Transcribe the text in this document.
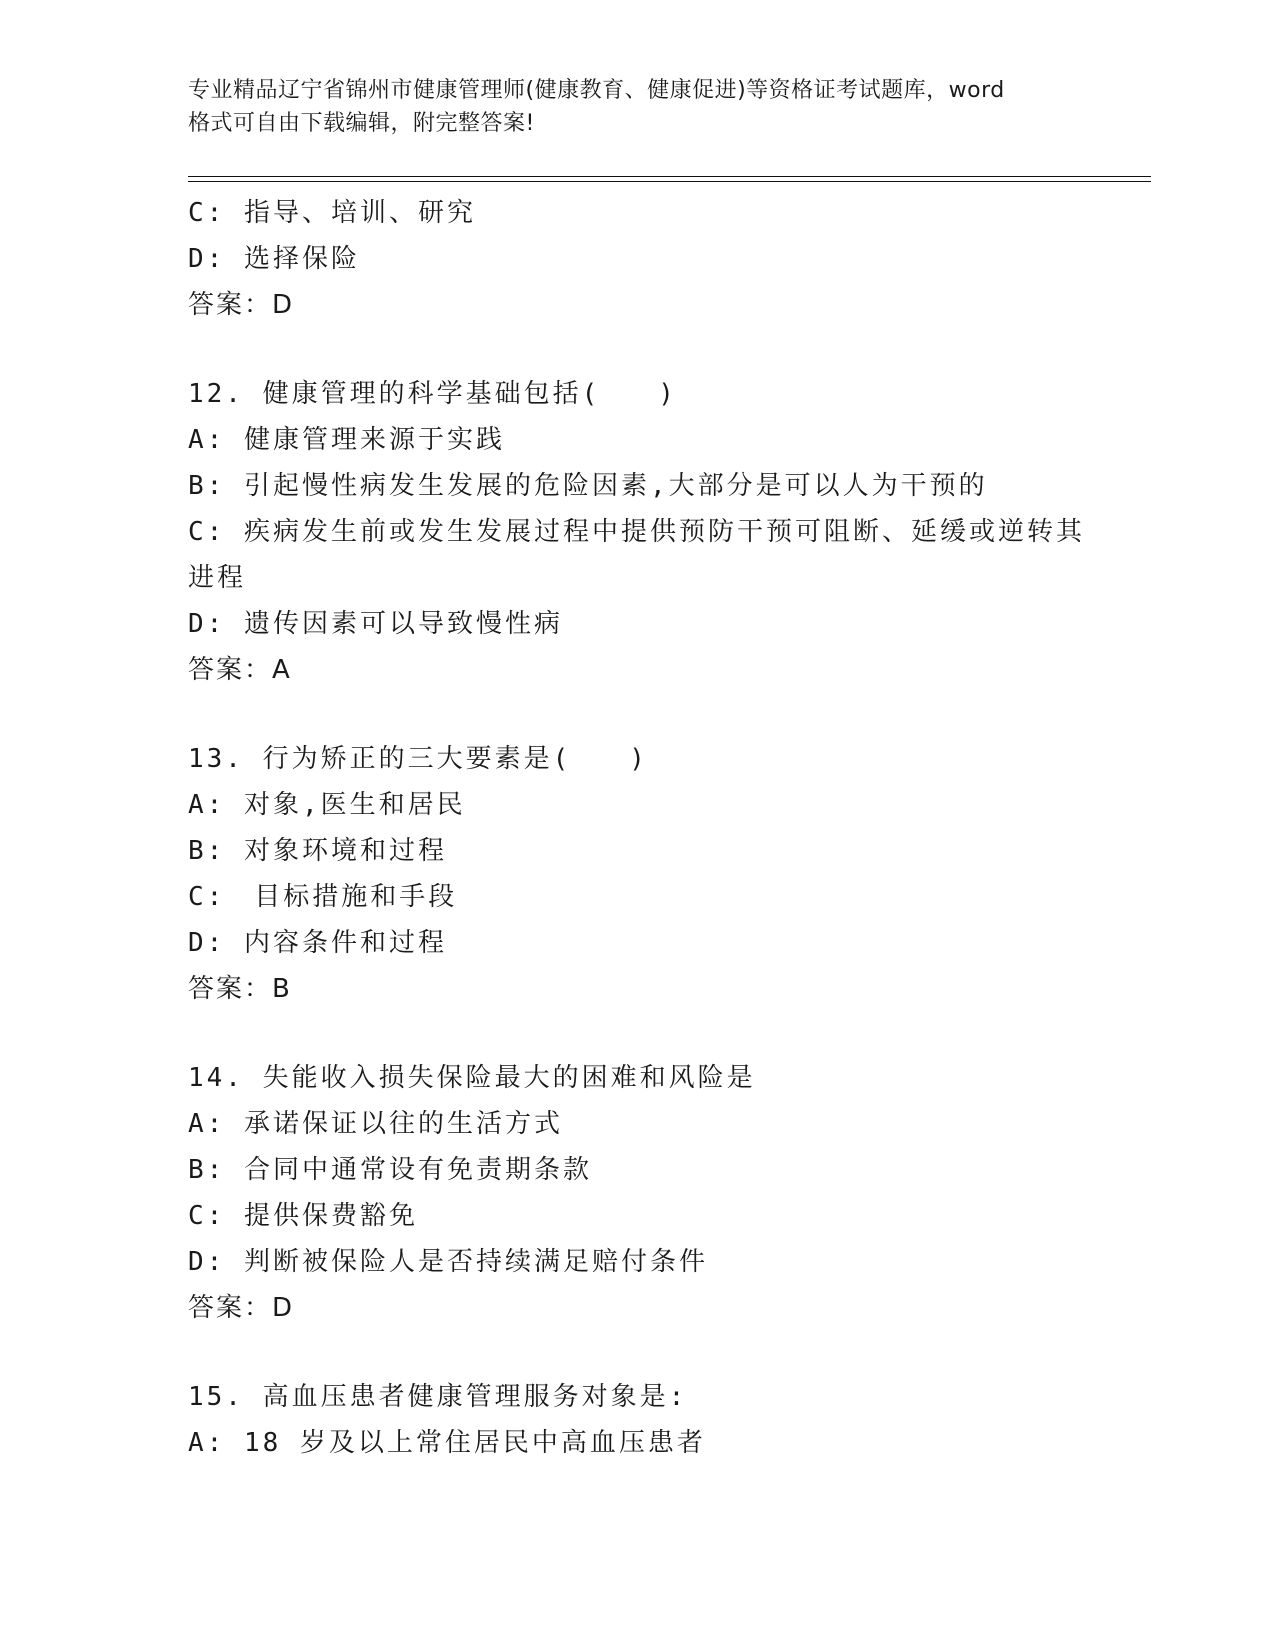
专业精品辽宁省锦州市健康管理师(健康教育、健康促进)等资格证考试题库，word
格式可自由下载编辑，附完整答案!
C: 指导、培训、研究
D: 选择保险
答案：D
12. 健康管理的科学基础包括(　　)
A: 健康管理来源于实践
B: 引起慢性病发生发展的危险因素,大部分是可以人为干预的
C: 疾病发生前或发生发展过程中提供预防干预可阻断、延缓或逆转其
进程
D: 遗传因素可以导致慢性病
答案：A
13. 行为矫正的三大要素是(　　)
A: 对象,医生和居民
B: 对象环境和过程
C:　目标措施和手段
D: 内容条件和过程
答案：B
14. 失能收入损失保险最大的困难和风险是
A: 承诺保证以往的生活方式
B: 合同中通常设有免责期条款
C: 提供保费豁免
D: 判断被保险人是否持续满足赔付条件
答案：D
15. 高血压患者健康管理服务对象是:
A: 18 岁及以上常住居民中高血压患者
